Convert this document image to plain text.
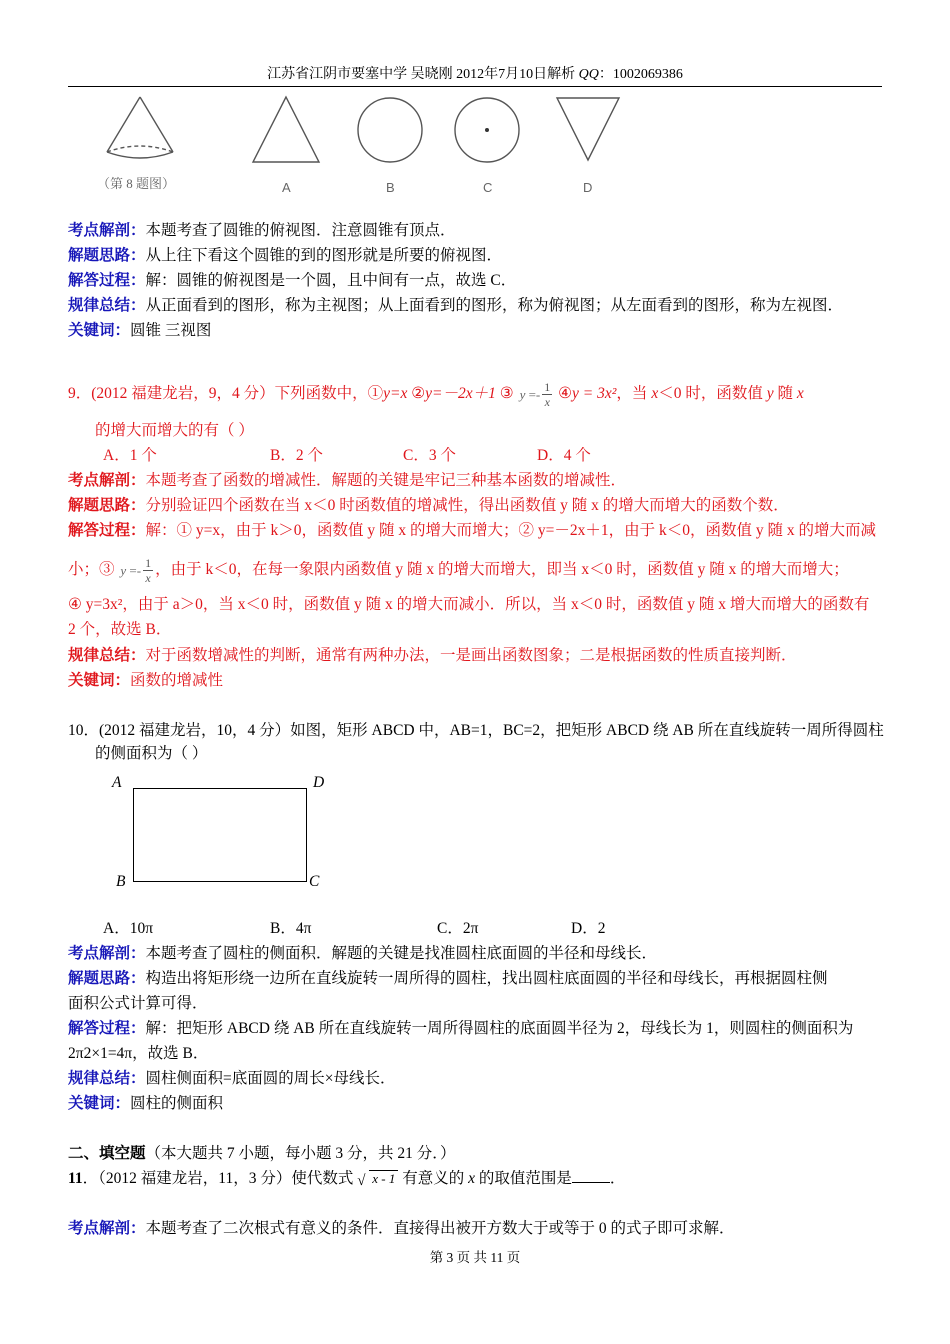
江苏省江阴市要塞中学 吴晓刚 2012年7月10日解析 QQ：1002069386
（第 8 题图）	A	B	C	D
考点解剖：本题考查了圆锥的俯视图．注意圆锥有顶点．
解题思路：从上往下看这个圆锥的到的图形就是所要的俯视图．
解答过程：解：圆锥的俯视图是一个圆，且中间有一点，故选 C．
规律总结：从正面看到的图形，称为主视图；从上面看到的图形，称为俯视图；从左面看到的图形，称为左视图．
关键词：圆锥 三视图
9．(2012 福建龙岩，9，4 分）下列函数中，①y=x ②y=－2x＋1 ③ $y =- \frac{1}{x}$ ④y = 3x²，当 x＜0 时，函数值 y 随 x
的增大而增大的有（ ）
A．1 个	B．2 个	C．3 个	D．4 个
考点解剖：本题考查了函数的增减性．解题的关键是牢记三种基本函数的增减性．
解题思路：分别验证四个函数在当 x＜0 时函数值的增减性，得出函数值 y 随 x 的增大而增大的函数个数．
解答过程：解：① y=x，由于 k＞0，函数值 y 随 x 的增大而增大；② y=－2x＋1，由于 k＜0，函数值 y 随 x 的增大而减
小；③ $y =- \frac{1}{x}$ ，由于 k＜0，在每一象限内函数值 y 随 x 的增大而增大，即当 x＜0 时，函数值 y 随 x 的增大而增大；
④ y=3x²，由于 a＞0，当 x＜0 时，函数值 y 随 x 的增大而减小．所以，当 x＜0 时，函数值 y 随 x 增大而增大的函数有
2 个，故选 B．
规律总结：对于函数增减性的判断，通常有两种办法，一是画出函数图象；二是根据函数的性质直接判断．
关键词：函数的增减性
10．(2012 福建龙岩，10，4 分）如图，矩形 ABCD 中，AB=1，BC=2，把矩形 ABCD 绕 AB 所在直线旋转一周所得圆柱
的侧面积为（ ）
A	D
B	C
A．10π	B．4π	C．2π	D．2
考点解剖：本题考查了圆柱的侧面积．解题的关键是找准圆柱底面圆的半径和母线长．
解题思路：构造出将矩形绕一边所在直线旋转一周所得的圆柱，找出圆柱底面圆的半径和母线长，再根据圆柱侧
面积公式计算可得．
解答过程：解：把矩形 ABCD 绕 AB 所在直线旋转一周所得圆柱的底面圆半径为 2，母线长为 1，则圆柱的侧面积为
2π2×1=4π，故选 B．
规律总结：圆柱侧面积=底面圆的周长×母线长．
关键词：圆柱的侧面积
二、填空题（本大题共 7 小题，每小题 3 分，共 21 分．）
11．（2012 福建龙岩，11，3 分）使代数式 √ x - 1 有意义的 x 的取值范围是 ．
考点解剖：本题考查了二次根式有意义的条件．直接得出被开方数大于或等于 0 的式子即可求解．
第 3 页 共 11 页
